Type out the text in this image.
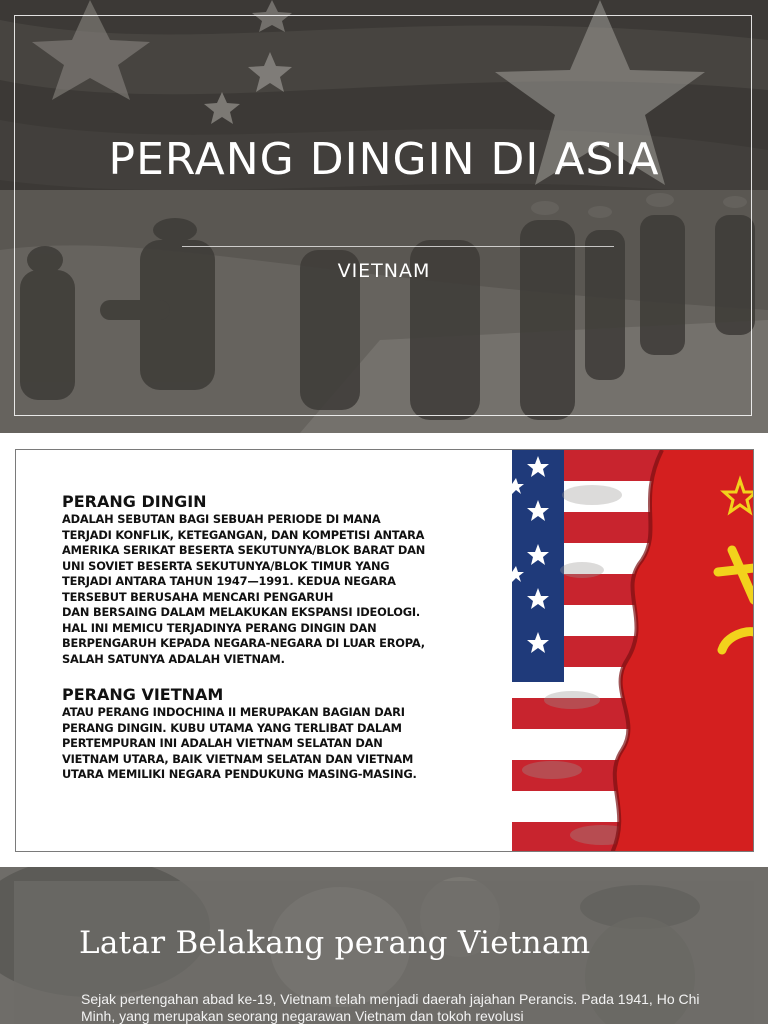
PERANG DINGIN DI ASIA
VIETNAM

PERANG DINGIN

ADALAH SEBUTAN BAGI SEBUAH PERIODE DI MANA
TERJADI KONFLIK, KETEGANGAN, DAN KOMPETISI ANTARA
AMERIKA SERIKAT BESERTA SEKUTUNYA/BLOK BARAT DAN
UNI SOVIET BESERTA SEKUTUNYA/BLOK TIMUR YANG
TERJADI ANTARA TAHUN 1947—1991. KEDUA NEGARA
TERSEBUT BERUSAHA MENCARI PENGARUH
DAN BERSAING DALAM MELAKUKAN EKSPANSI IDEOLOGI.
HAL INI MEMICU TERJADINYA PERANG DINGIN DAN
BERPENGARUH KEPADA NEGARA-NEGARA DI LUAR EROPA,
SALAH SATUNYA ADALAH VIETNAM.

PERANG VIETNAM

ATAU PERANG INDOCHINA II MERUPAKAN BAGIAN DARI
PERANG DINGIN. KUBU UTAMA YANG TERLIBAT DALAM
PERTEMPURAN INI ADALAH VIETNAM SELATAN DAN
VIETNAM UTARA, BAIK VIETNAM SELATAN DAN VIETNAM
UTARA MEMILIKI NEGARA PENDUKUNG MASING-MASING.

Latar Belakang perang Vietnam
Sejak pertengahan abad ke-19, Vietnam telah menjadi daerah jajahan Perancis. Pada 1941, Ho Chi Minh, yang merupakan seorang negarawan Vietnam dan tokoh revolusi
